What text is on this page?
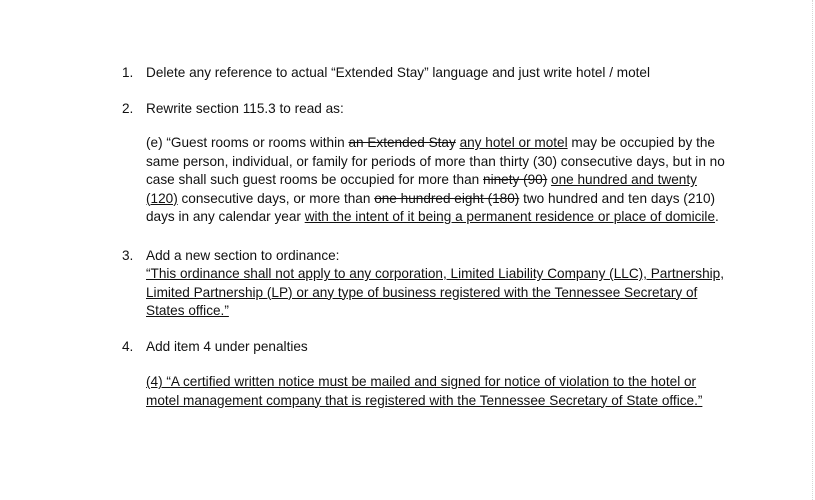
1. Delete any reference to actual “Extended Stay” language and just write hotel / motel
2. Rewrite section 115.3 to read as:
(e) “Guest rooms or rooms within an Extended Stay any hotel or motel may be occupied by the same person, individual, or family for periods of more than thirty (30) consecutive days, but in no case shall such guest rooms be occupied for more than ninety (90) one hundred and twenty (120) consecutive days, or more than one hundred eight (180) two hundred and ten days (210) days in any calendar year with the intent of it being a permanent residence or place of domicile.
3. Add a new section to ordinance:
“This ordinance shall not apply to any corporation, Limited Liability Company (LLC), Partnership, Limited Partnership (LP) or any type of business registered with the Tennessee Secretary of States office.”
4. Add item 4 under penalties
(4) “A certified written notice must be mailed and signed for notice of violation to the hotel or motel management company that is registered with the Tennessee Secretary of State office.”
